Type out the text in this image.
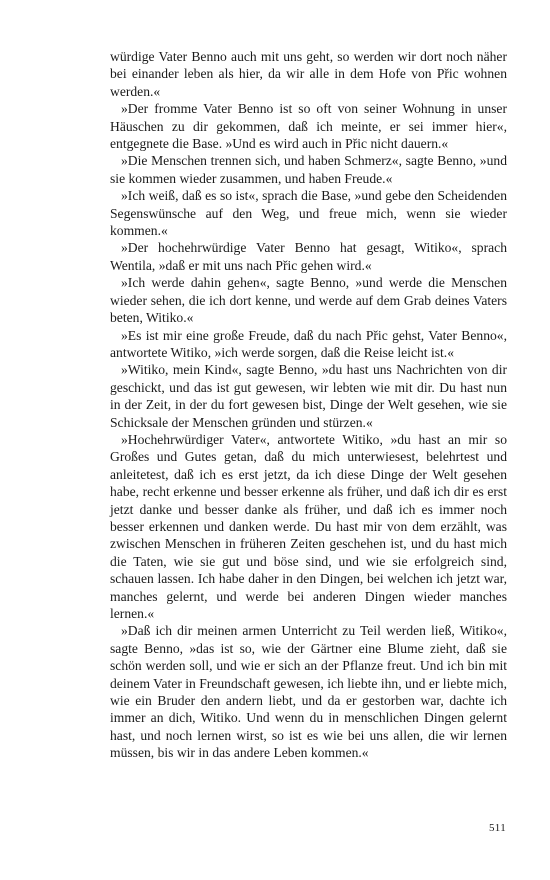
würdige Vater Benno auch mit uns geht, so werden wir dort noch näher bei einander leben als hier, da wir alle in dem Hofe von Přic wohnen werden.«

»Der fromme Vater Benno ist so oft von seiner Wohnung in unser Häuschen zu dir gekommen, daß ich meinte, er sei immer hier«, entgegnete die Base. »Und es wird auch in Přic nicht dauern.«

»Die Menschen trennen sich, und haben Schmerz«, sagte Benno, »und sie kommen wieder zusammen, und haben Freude.«

»Ich weiß, daß es so ist«, sprach die Base, »und gebe den Scheidenden Segenswünsche auf den Weg, und freue mich, wenn sie wieder kommen.«

»Der hochehrwürdige Vater Benno hat gesagt, Witiko«, sprach Wentila, »daß er mit uns nach Přic gehen wird.«

»Ich werde dahin gehen«, sagte Benno, »und werde die Menschen wieder sehen, die ich dort kenne, und werde auf dem Grab deines Vaters beten, Witiko.«

»Es ist mir eine große Freude, daß du nach Přic gehst, Vater Benno«, antwortete Witiko, »ich werde sorgen, daß die Reise leicht ist.«

»Witiko, mein Kind«, sagte Benno, »du hast uns Nachrichten von dir geschickt, und das ist gut gewesen, wir lebten wie mit dir. Du hast nun in der Zeit, in der du fort gewesen bist, Dinge der Welt gesehen, wie sie Schicksale der Menschen gründen und stürzen.«

»Hochehrwürdiger Vater«, antwortete Witiko, »du hast an mir so Großes und Gutes getan, daß du mich unterwiesest, belehrtest und anleitetest, daß ich es erst jetzt, da ich diese Dinge der Welt gesehen habe, recht erkenne und besser erkenne als früher, und daß ich dir es erst jetzt danke und besser danke als früher, und daß ich es immer noch besser erkennen und danken werde. Du hast mir von dem erzählt, was zwischen Menschen in früheren Zeiten geschehen ist, und du hast mich die Taten, wie sie gut und böse sind, und wie sie erfolgreich sind, schauen lassen. Ich habe daher in den Dingen, bei welchen ich jetzt war, manches gelernt, und werde bei anderen Dingen wieder manches lernen.«

»Daß ich dir meinen armen Unterricht zu Teil werden ließ, Witiko«, sagte Benno, »das ist so, wie der Gärtner eine Blume zieht, daß sie schön werden soll, und wie er sich an der Pflanze freut. Und ich bin mit deinem Vater in Freundschaft gewesen, ich liebte ihn, und er liebte mich, wie ein Bruder den andern liebt, und da er gestorben war, dachte ich immer an dich, Witiko. Und wenn du in menschlichen Dingen gelernt hast, und noch lernen wirst, so ist es wie bei uns allen, die wir lernen müssen, bis wir in das andere Leben kommen.«

511
